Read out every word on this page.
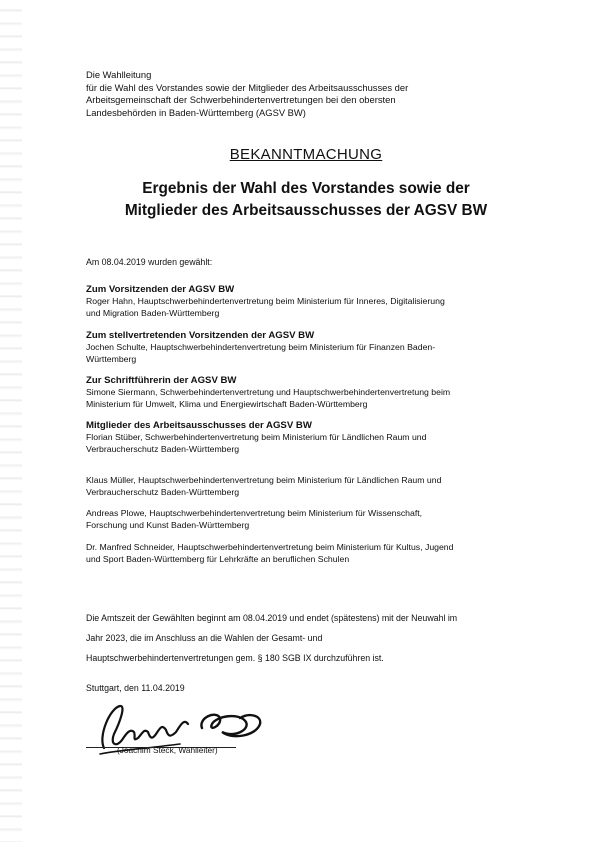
Die Wahlleitung
für die Wahl des Vorstandes sowie der Mitglieder des Arbeitsausschusses der
Arbeitsgemeinschaft der Schwerbehindertenvertretungen bei den obersten
Landesbehörden in Baden-Württemberg (AGSV BW)
BEKANNTMACHUNG
Ergebnis der Wahl des Vorstandes sowie der
Mitglieder des Arbeitsausschusses der AGSV BW
Am 08.04.2019 wurden gewählt:
Zum Vorsitzenden der AGSV BW
Roger Hahn, Hauptschwerbehindertenvertretung beim Ministerium für Inneres, Digitalisierung
und Migration Baden-Württemberg
Zum stellvertretenden Vorsitzenden der AGSV BW
Jochen Schulte, Hauptschwerbehindertenvertretung beim Ministerium für Finanzen Baden-
Württemberg
Zur Schriftführerin der AGSV BW
Simone Siermann, Schwerbehindertenvertretung und Hauptschwerbehindertenvertretung beim
Ministerium für Umwelt, Klima und Energiewirtschaft Baden-Württemberg
Mitglieder des Arbeitsausschusses der AGSV BW
Florian Stüber, Schwerbehindertenvertretung beim Ministerium für Ländlichen Raum und
Verbraucherschutz Baden-Württemberg
Klaus Müller, Hauptschwerbehindertenvertretung beim Ministerium für Ländlichen Raum und
Verbraucherschutz Baden-Württemberg
Andreas Plowe, Hauptschwerbehindertenvertretung beim Ministerium für Wissenschaft,
Forschung und Kunst Baden-Württemberg
Dr. Manfred Schneider, Hauptschwerbehindertenvertretung beim Ministerium für Kultus, Jugend
und Sport Baden-Württemberg für Lehrkräfte an beruflichen Schulen
Die Amtszeit der Gewählten beginnt am 08.04.2019 und endet (spätestens) mit der Neuwahl im
Jahr 2023, die im Anschluss an die Wahlen der Gesamt- und
Hauptschwerbehindertenvertretungen gem. § 180 SGB IX durchzuführen ist.
Stuttgart, den 11.04.2019
(Joachim Steck, Wahlleiter)
